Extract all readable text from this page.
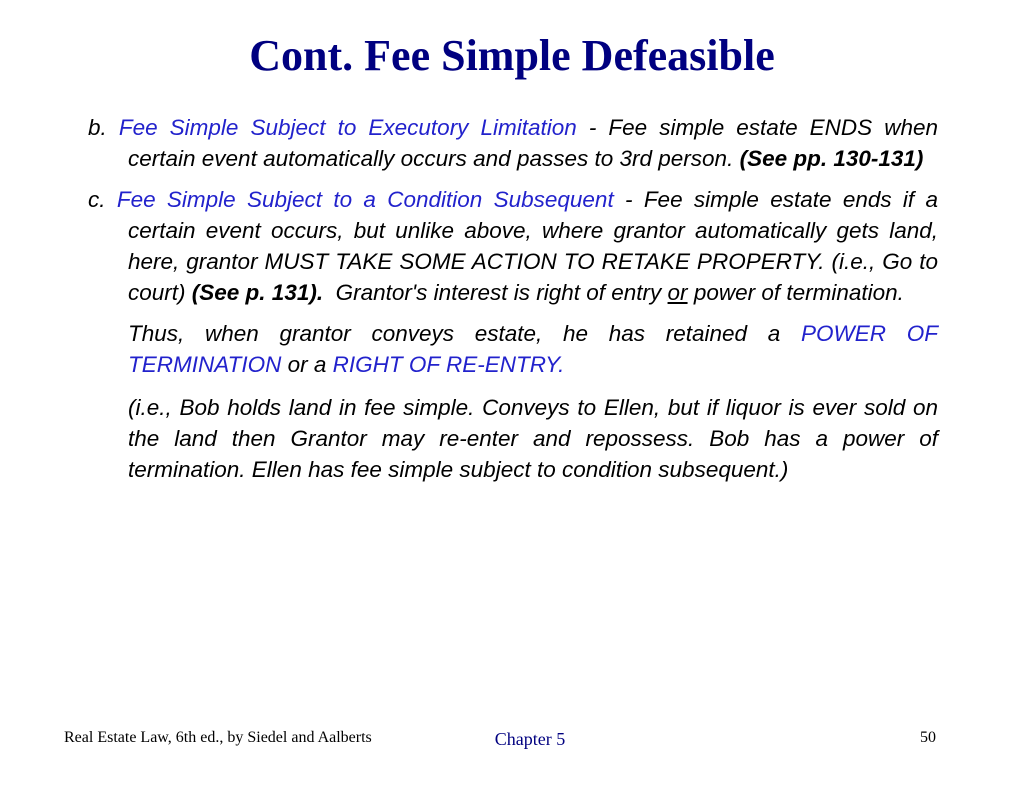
Cont. Fee Simple Defeasible

b. Fee Simple Subject to Executory Limitation - Fee simple estate ENDS when certain event automatically occurs and passes to 3rd person. (See pp. 130-131)

c. Fee Simple Subject to a Condition Subsequent - Fee simple estate ends if a certain event occurs, but unlike above, where grantor automatically gets land, here, grantor MUST TAKE SOME ACTION TO RETAKE PROPERTY. (i.e., Go to court) (See p. 131). Grantor's interest is right of entry or power of termination.

Thus, when grantor conveys estate, he has retained a POWER OF TERMINATION or a RIGHT OF RE-ENTRY.

(i.e., Bob holds land in fee simple. Conveys to Ellen, but if liquor is ever sold on the land then Grantor may re-enter and repossess. Bob has a power of termination. Ellen has fee simple subject to condition subsequent.)

Real Estate Law, 6th ed., by Siedel and Aalberts	Chapter 5	50
